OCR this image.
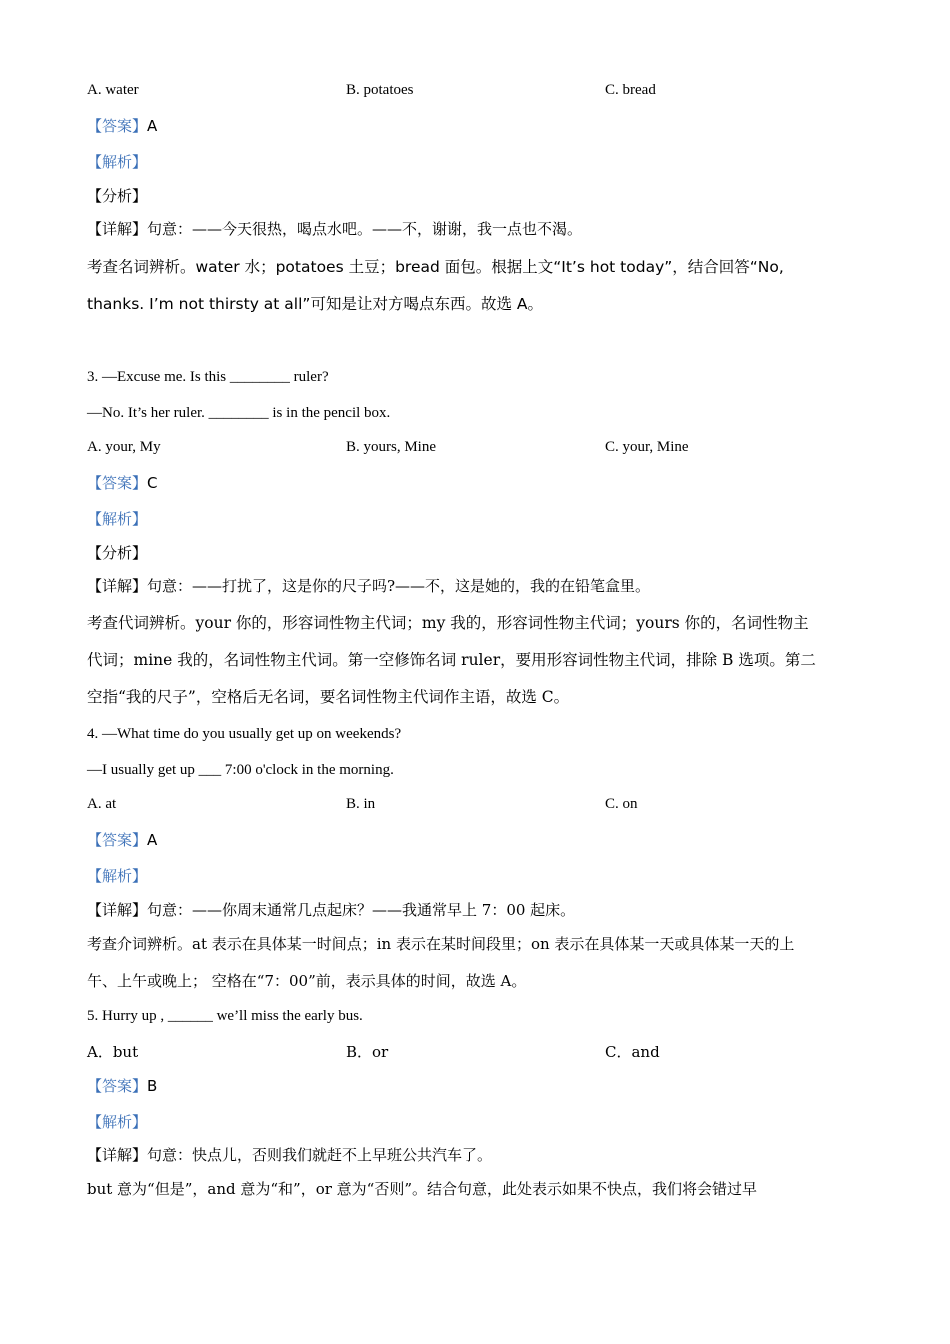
A. water	B. potatoes	C. bread
【答案】A
【解析】
【分析】
【详解】句意：——今天很热，喝点水吧。——不，谢谢，我一点也不渴。
考查名词辨析。water 水；potatoes 土豆；bread 面包。根据上文“It’s hot today”，结合回答“No,
thanks. I’m not thirsty at all”可知是让对方喝点东西。故选 A。
3. —Excuse me. Is this ________ ruler?
—No. It’s her ruler. ________ is in the pencil box.
A. your, My	B. yours, Mine	C. your, Mine
【答案】C
【解析】
【分析】
【详解】句意：——打扰了，这是你的尺子吗?——不，这是她的，我的在铅笔盒里。
考查代词辨析。your 你的，形容词性物主代词；my 我的，形容词性物主代词；yours 你的，名词性物主
代词；mine 我的，名词性物主代词。第一空修饰名词 ruler，要用形容词性物主代词，排除 B 选项。第二
空指“我的尺子”，空格后无名词，要名词性物主代词作主语，故选 C。
4. —What time do you usually get up on weekends?
—I usually get up ___ 7:00 o'clock in the morning.
A. at	B. in	C. on
【答案】A
【解析】
【详解】句意：——你周末通常几点起床？——我通常早上 7：00 起床。
考查介词辨析。at 表示在具体某一时间点；in 表示在某时间段里；on 表示在具体某一天或具体某一天的上
午、上午或晚上； 空格在“7：00”前，表示具体的时间，故选 A。
5. Hurry up , ______ we’ll miss the early bus.
A．but	B．or	C．and
【答案】B
【解析】
【详解】句意：快点儿，否则我们就赶不上早班公共汽车了。
but 意为“但是”，and 意为“和”，or 意为“否则”。结合句意，此处表示如果不快点，我们将会错过早
